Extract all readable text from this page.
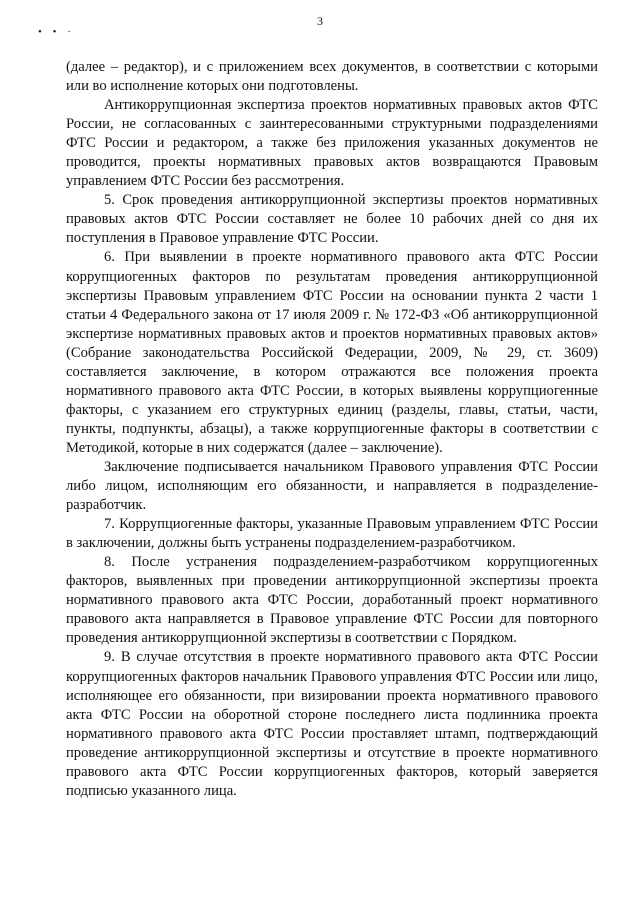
3
• • ·

(далее – редактор), и с приложением всех документов, в соответствии с которыми или во исполнение которых они подготовлены.

Антикоррупционная экспертиза проектов нормативных правовых актов ФТС России, не согласованных с заинтересованными структурными подразделениями ФТС России и редактором, а также без приложения указанных документов не проводится, проекты нормативных правовых актов возвращаются Правовым управлением ФТС России без рассмотрения.

5. Срок проведения антикоррупционной экспертизы проектов нормативных правовых актов ФТС России составляет не более 10 рабочих дней со дня их поступления в Правовое управление ФТС России.

6. При выявлении в проекте нормативного правового акта ФТС России коррупциогенных факторов по результатам проведения антикоррупционной экспертизы Правовым управлением ФТС России на основании пункта 2 части 1 статьи 4 Федерального закона от 17 июля 2009 г. № 172-ФЗ «Об антикоррупционной экспертизе нормативных правовых актов и проектов нормативных правовых актов» (Собрание законодательства Российской Федерации, 2009, № 29, ст. 3609) составляется заключение, в котором отражаются все положения проекта нормативного правового акта ФТС России, в которых выявлены коррупциогенные факторы, с указанием его структурных единиц (разделы, главы, статьи, части, пункты, подпункты, абзацы), а также коррупциогенные факторы в соответствии с Методикой, которые в них содержатся (далее – заключение).

Заключение подписывается начальником Правового управления ФТС России либо лицом, исполняющим его обязанности, и направляется в подразделение-разработчик.

7. Коррупциогенные факторы, указанные Правовым управлением ФТС России в заключении, должны быть устранены подразделением-разработчиком.

8. После устранения подразделением-разработчиком коррупциогенных факторов, выявленных при проведении антикоррупционной экспертизы проекта нормативного правового акта ФТС России, доработанный проект нормативного правового акта направляется в Правовое управление ФТС России для повторного проведения антикоррупционной экспертизы в соответствии с Порядком.

9. В случае отсутствия в проекте нормативного правового акта ФТС России коррупциогенных факторов начальник Правового управления ФТС России или лицо, исполняющее его обязанности, при визировании проекта нормативного правового акта ФТС России на оборотной стороне последнего листа подлинника проекта нормативного правового акта ФТС России проставляет штамп, подтверждающий проведение антикоррупционной экспертизы и отсутствие в проекте нормативного правового акта ФТС России коррупциогенных факторов, который заверяется подписью указанного лица.
